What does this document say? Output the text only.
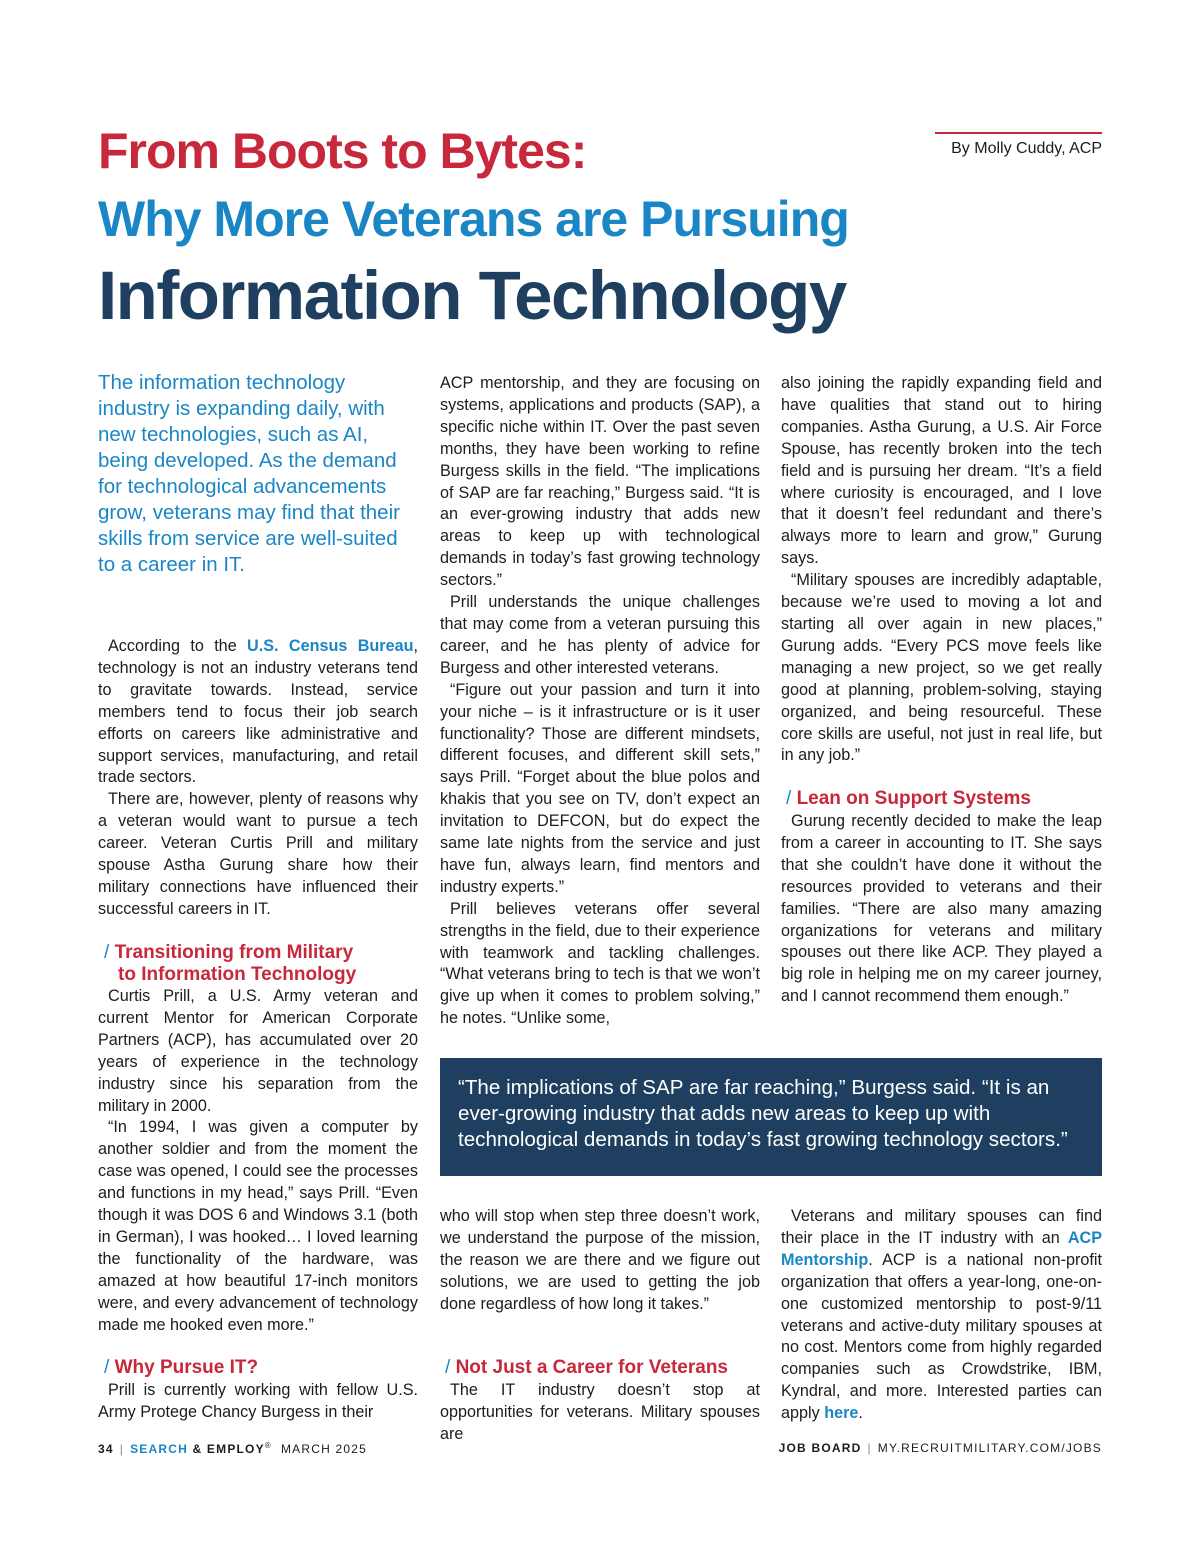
By Molly Cuddy, ACP
From Boots to Bytes:
Why More Veterans are Pursuing
Information Technology
The information technology industry is expanding daily, with new technologies, such as AI, being developed. As the demand for technological advancements grow, veterans may find that their skills from service are well-suited to a career in IT.

According to the U.S. Census Bureau, technology is not an industry veterans tend to gravitate towards. Instead, service members tend to focus their job search efforts on careers like administrative and support services, manufacturing, and retail trade sectors.

There are, however, plenty of reasons why a veteran would want to pursue a tech career. Veteran Curtis Prill and military spouse Astha Gurung share how their military connections have influenced their successful careers in IT.

/ Transitioning from Military
to Information Technology

Curtis Prill, a U.S. Army veteran and current Mentor for American Corporate Partners (ACP), has accumulated over 20 years of experience in the technology industry since his separation from the military in 2000.

“In 1994, I was given a computer by another soldier and from the moment the case was opened, I could see the processes and functions in my head,” says Prill. “Even though it was DOS 6 and Windows 3.1 (both in German), I was hooked… I loved learning the functionality of the hardware, was amazed at how beautiful 17-inch monitors were, and every advancement of technology made me hooked even more.”

/ Why Pursue IT?

Prill is currently working with fellow U.S. Army Protege Chancy Burgess in their

ACP mentorship, and they are focusing on systems, applications and products (SAP), a specific niche within IT. Over the past seven months, they have been working to refine Burgess skills in the field. “The implications of SAP are far reaching,” Burgess said. “It is an ever-growing industry that adds new areas to keep up with technological demands in today’s fast growing technology sectors.”

Prill understands the unique challenges that may come from a veteran pursuing this career, and he has plenty of advice for Burgess and other interested veterans.

“Figure out your passion and turn it into your niche – is it infrastructure or is it user functionality? Those are different mindsets, different focuses, and different skill sets,” says Prill. “Forget about the blue polos and khakis that you see on TV, don’t expect an invitation to DEFCON, but do expect the same late nights from the service and just have fun, always learn, find mentors and industry experts.”

Prill believes veterans offer several strengths in the field, due to their experience with teamwork and tackling challenges. “What veterans bring to tech is that we won’t give up when it comes to problem solving,” he notes. “Unlike some,

who will stop when step three doesn’t work, we understand the purpose of the mission, the reason we are there and we figure out solutions, we are used to getting the job done regardless of how long it takes.”

/ Not Just a Career for Veterans

The IT industry doesn’t stop at opportunities for veterans. Military spouses are

also joining the rapidly expanding field and have qualities that stand out to hiring companies. Astha Gurung, a U.S. Air Force Spouse, has recently broken into the tech field and is pursuing her dream. “It’s a field where curiosity is encouraged, and I love that it doesn’t feel redundant and there’s always more to learn and grow,” Gurung says.

“Military spouses are incredibly adaptable, because we’re used to moving a lot and starting all over again in new places,” Gurung adds. “Every PCS move feels like managing a new project, so we get really good at planning, problem-solving, staying organized, and being resourceful. These core skills are useful, not just in real life, but in any job.”

/ Lean on Support Systems

Gurung recently decided to make the leap from a career in accounting to IT. She says that she couldn’t have done it without the resources provided to veterans and their families. “There are also many amazing organizations for veterans and military spouses out there like ACP. They played a big role in helping me on my career journey, and I cannot recommend them enough.”

Veterans and military spouses can find their place in the IT industry with an ACP Mentorship. ACP is a national non-profit organization that offers a year-long, one-on-one customized mentorship to post-9/11 veterans and active-duty military spouses at no cost. Mentors come from highly regarded companies such as Crowdstrike, IBM, Kyndral, and more. Interested parties can apply here.

“The implications of SAP are far reaching,” Burgess said. “It is an ever-growing industry that adds new areas to keep up with technological demands in today’s fast growing technology sectors.”
34 | SEARCH & EMPLOY® MARCH 2025	JOB BOARD | MY.RECRUITMILITARY.COM/JOBS
